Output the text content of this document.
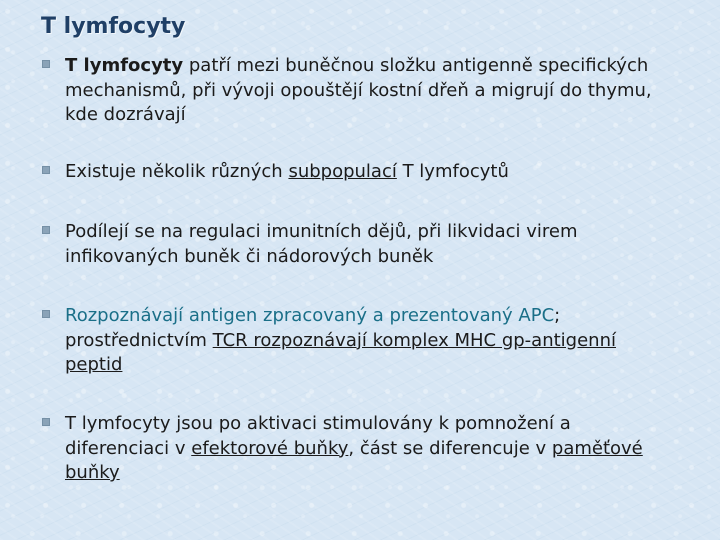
T lymfocyty
T lymfocyty patří mezi buněčnou složku antigenně specifických mechanismů, při vývoji opouštějí kostní dřeň a migrují do thymu, kde dozrávají
Existuje několik různých subpopulací T lymfocytů
Podílejí se na regulaci imunitních dějů, při likvidaci virem infikovaných buněk či nádorových buněk
Rozpoznávají antigen zpracovaný a prezentovaný APC; prostřednictvím TCR rozpoznávají komplex MHC gp-antigenní peptid
T lymfocyty jsou po aktivaci stimulovány k pomnožení a diferenciaci v efektorové buňky, část se diferencuje v paměťové buňky
